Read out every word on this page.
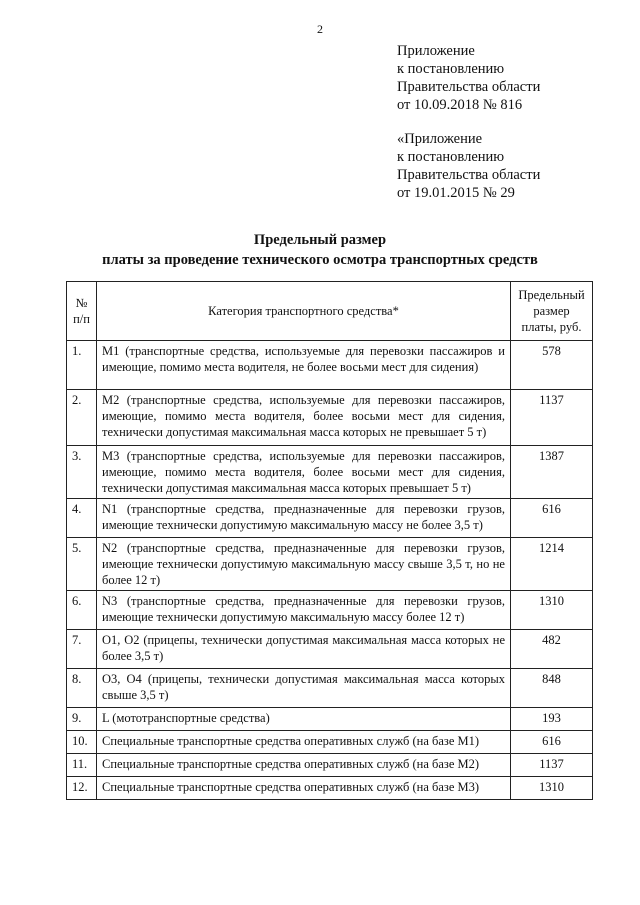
2
Приложение
к постановлению
Правительства области
от 10.09.2018 № 816
«Приложение
к постановлению
Правительства области
от 19.01.2015 № 29
Предельный размер
платы за проведение технического осмотра транспортных средств
№ п/п	Категория транспортного средства*	Предельный размер платы, руб.
1.	М1 (транспортные средства, используемые для перевозки пассажиров и имеющие, помимо места водителя, не более восьми мест для сидения)	578
2.	М2 (транспортные средства, используемые для перевозки пассажиров, имеющие, помимо места водителя, более восьми мест для сидения, технически допустимая максимальная масса которых не превышает 5 т)	1137
3.	М3 (транспортные средства, используемые для перевозки пассажиров, имеющие, помимо места водителя, более восьми мест для сидения, технически допустимая максимальная масса которых превышает 5 т)	1387
4.	N1 (транспортные средства, предназначенные для перевозки грузов, имеющие технически допустимую максимальную массу не более 3,5 т)	616
5.	N2 (транспортные средства, предназначенные для перевозки грузов, имеющие технически допустимую максимальную массу свыше 3,5 т, но не более 12 т)	1214
6.	N3 (транспортные средства, предназначенные для перевозки грузов, имеющие технически допустимую максимальную массу более 12 т)	1310
7.	O1, O2 (прицепы, технически допустимая максимальная масса которых не более 3,5 т)	482
8.	O3, O4 (прицепы, технически допустимая максимальная масса которых свыше 3,5 т)	848
9.	L (мототранспортные средства)	193
10.	Специальные транспортные средства оперативных служб (на базе М1)	616
11.	Специальные транспортные средства оперативных служб (на базе М2)	1137
12.	Специальные транспортные средства оперативных служб (на базе М3)	1310
